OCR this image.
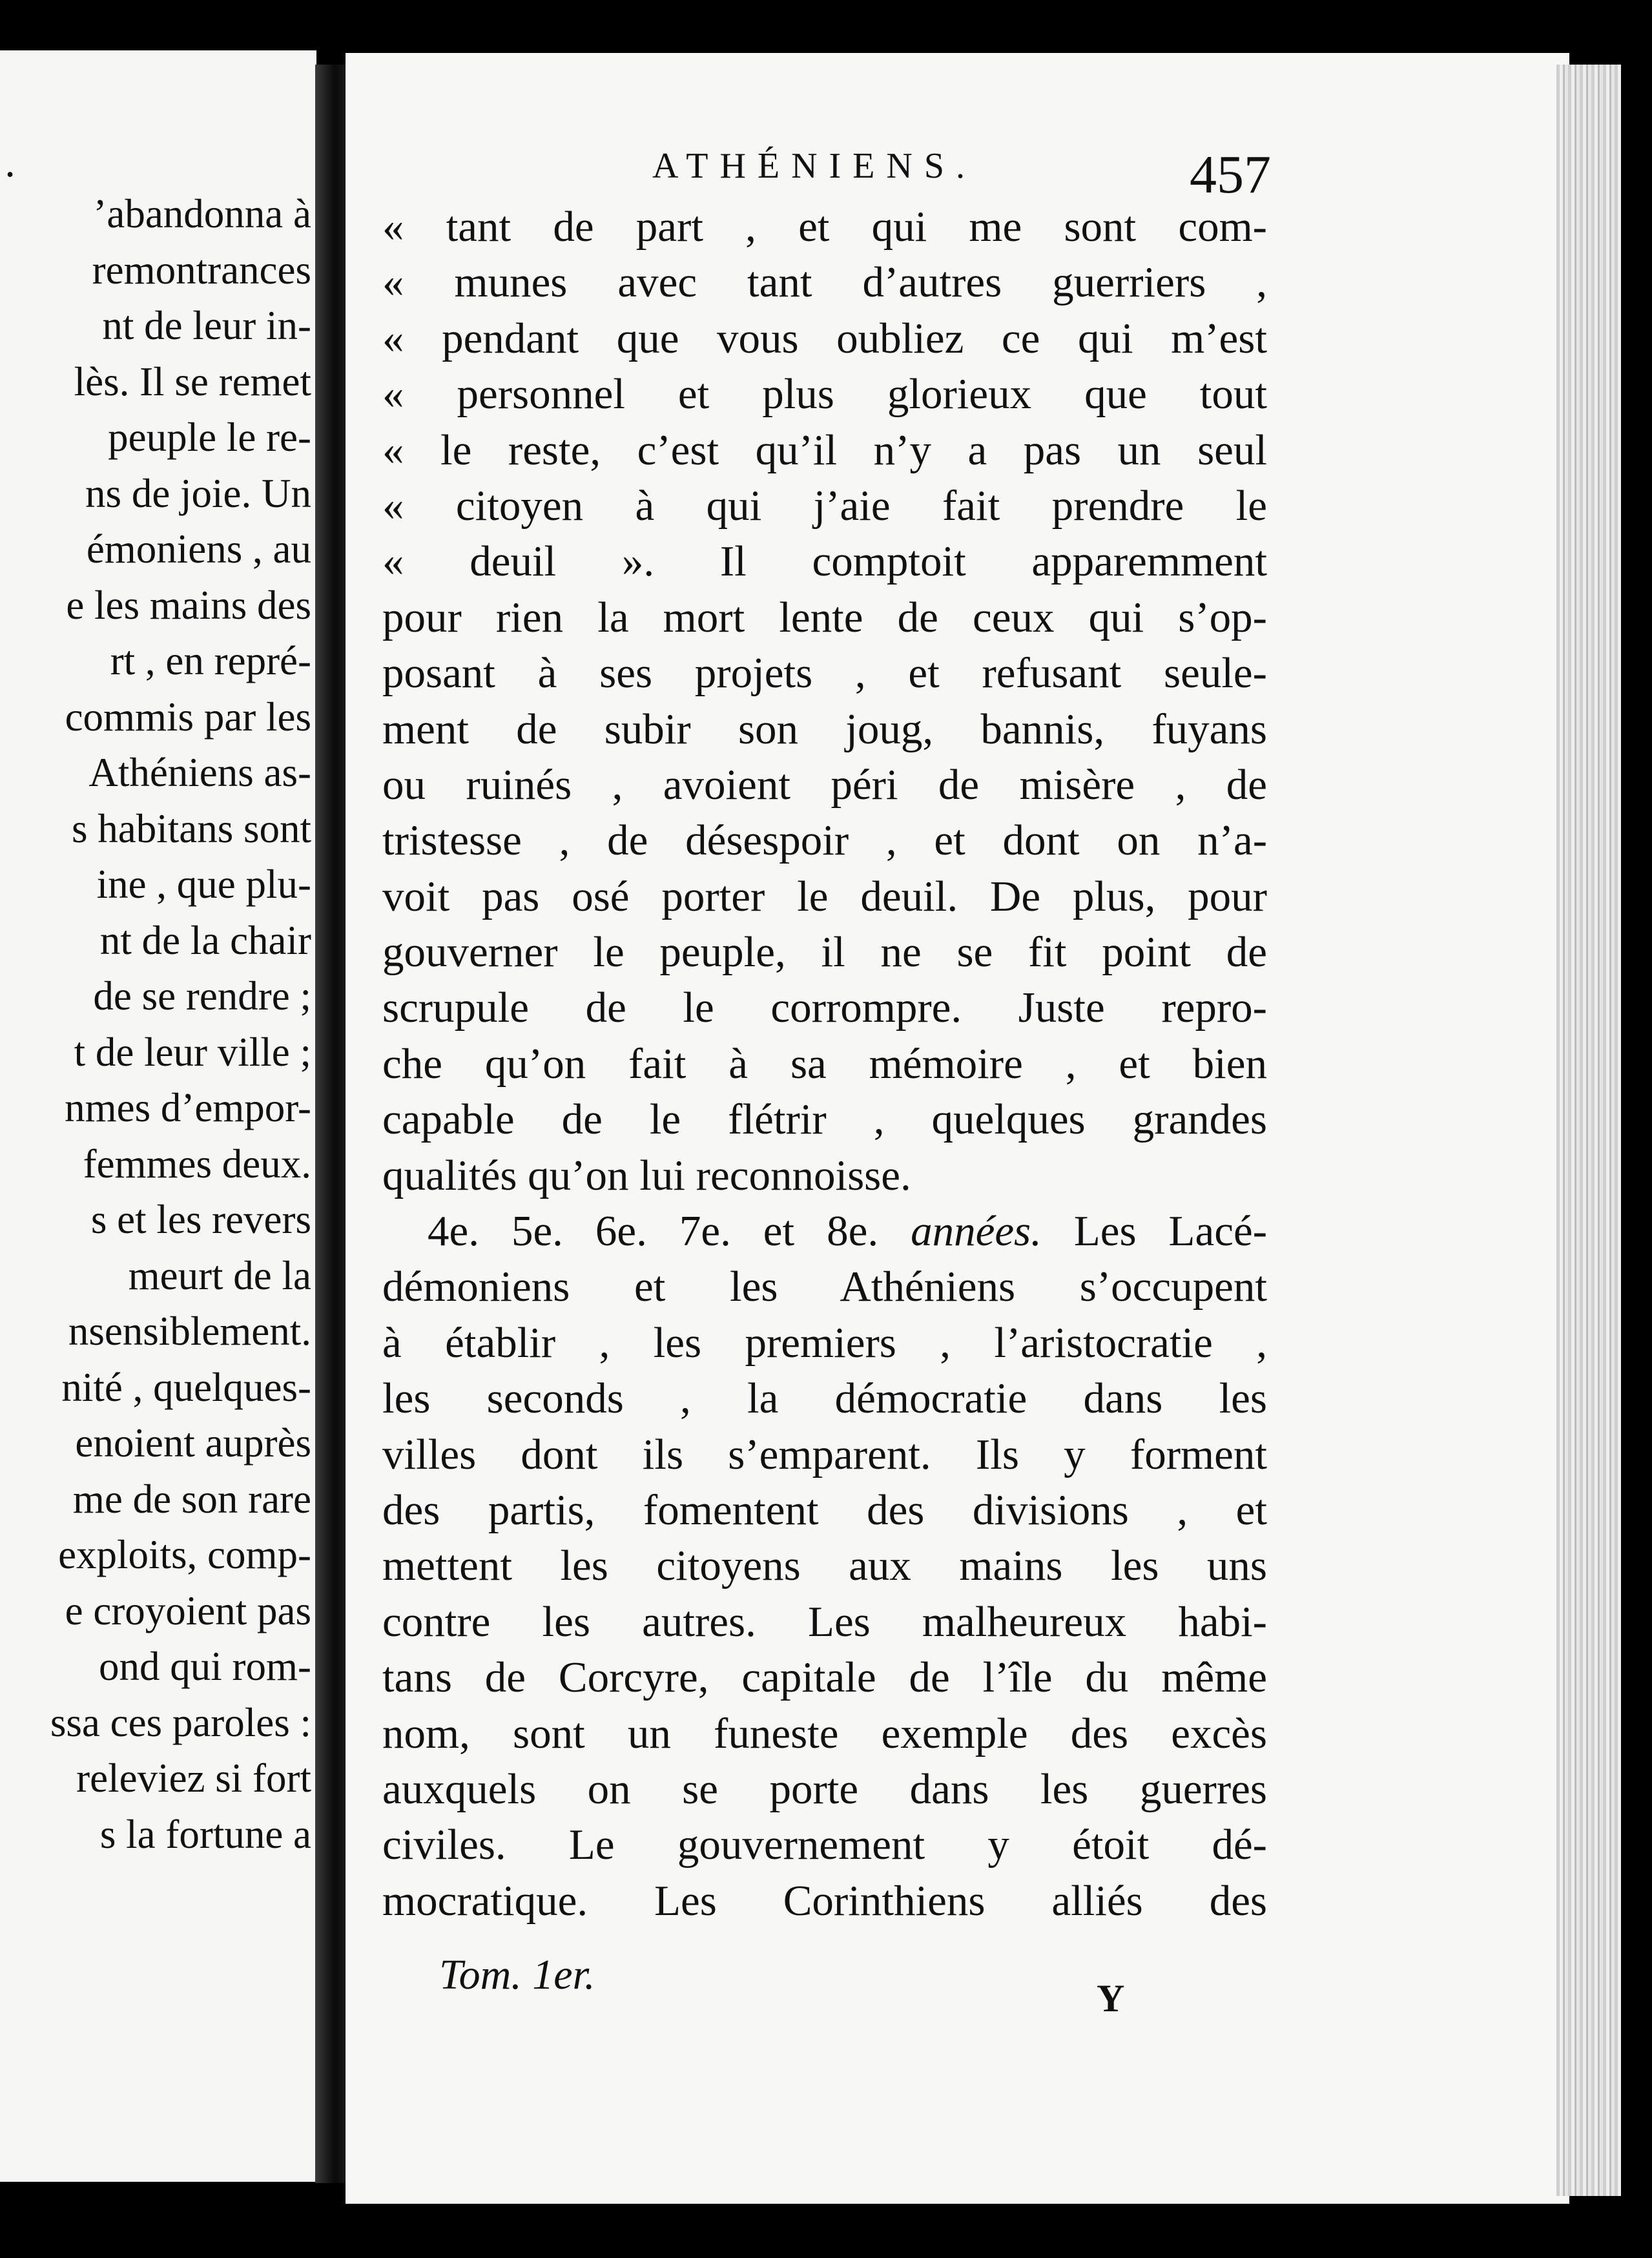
.
’abandonna à
remontrances
nt de leur in-
lès. Il se remet
peuple le re-
ns de joie. Un
émoniens , au
e les mains des
rt , en repré-
commis par les
Athéniens as-
s habitans sont
ine , que plu-
nt de la chair
de se rendre ;
t de leur ville ;
nmes d’empor-
femmes deux.
s et les revers
meurt de la
nsensiblement.
nité , quelques-
enoient auprès
me de son rare
exploits, comp-
e croyoient pas
ond qui rom-
ssa ces paroles :
releviez si fort
s la fortune a
ATHÉNIENS.	457
« tant de part , et qui me sont com-
« munes avec tant d’autres guerriers ,
« pendant que vous oubliez ce qui m’est
« personnel et plus glorieux que tout
« le reste, c’est qu’il n’y a pas un seul
« citoyen à qui j’aie fait prendre le
« deuil ». Il comptoit apparemment
pour rien la mort lente de ceux qui s’op-
posant à ses projets , et refusant seule-
ment de subir son joug, bannis, fuyans
ou ruinés , avoient péri de misère , de
tristesse , de désespoir , et dont on n’a-
voit pas osé porter le deuil. De plus, pour
gouverner le peuple, il ne se fit point de
scrupule de le corrompre. Juste repro-
che qu’on fait à sa mémoire , et bien
capable de le flétrir , quelques grandes
qualités qu’on lui reconnoisse.
4e. 5e. 6e. 7e. et 8e. années. Les Lacé-
démoniens et les Athéniens s’occupent
à établir , les premiers , l’aristocratie ,
les seconds , la démocratie dans les
villes dont ils s’emparent. Ils y forment
des partis, fomentent des divisions , et
mettent les citoyens aux mains les uns
contre les autres. Les malheureux habi-
tans de Corcyre, capitale de l’île du même
nom, sont un funeste exemple des excès
auxquels on se porte dans les guerres
civiles. Le gouvernement y étoit dé-
mocratique. Les Corinthiens alliés des
Tom. 1er.	Y
